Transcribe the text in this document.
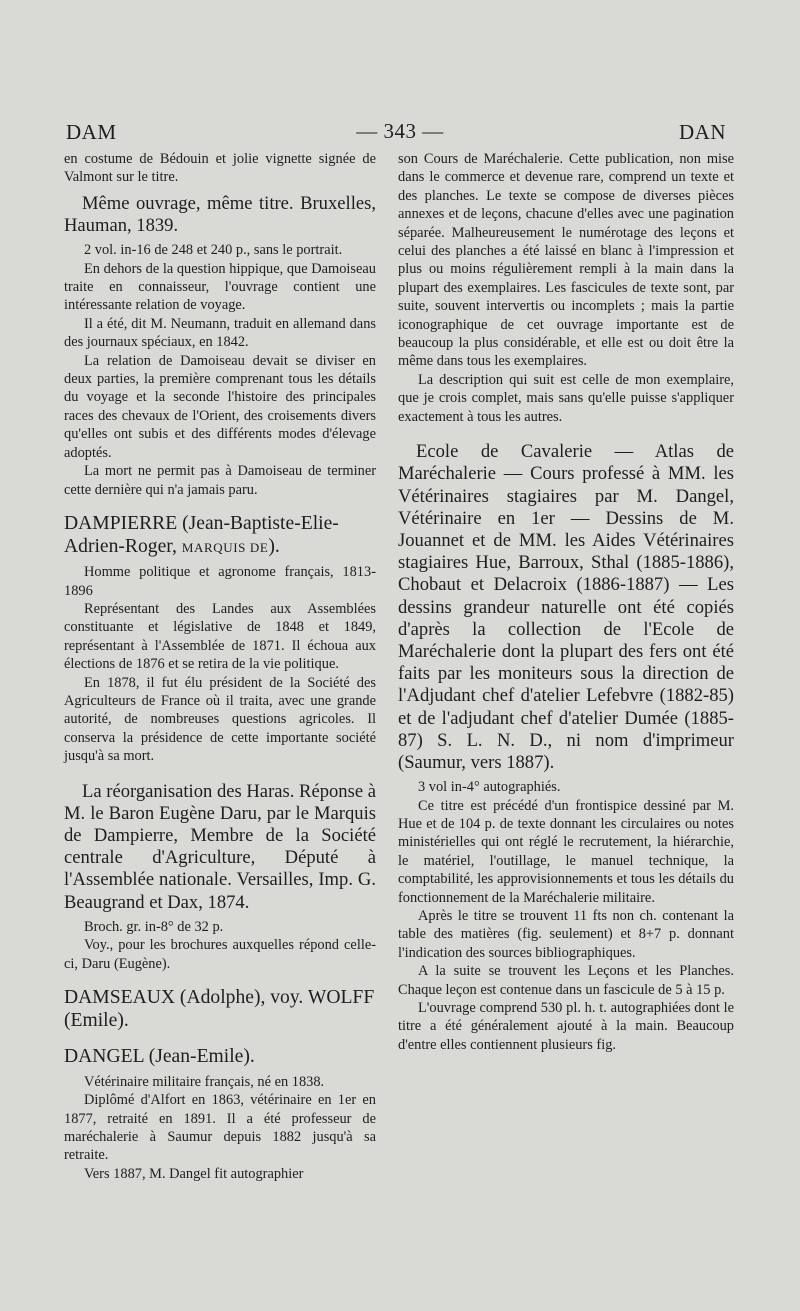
DAM	— 343 —	DAN

en costume de Bédouin et jolie vignette signée de Valmont sur le titre.

Même ouvrage, même titre. Bruxelles, Hauman, 1839.

2 vol. in-16 de 248 et 240 p., sans le portrait.

En dehors de la question hippique, que Damoiseau traite en connaisseur, l'ouvrage contient une intéressante relation de voyage.

Il a été, dit M. Neumann, traduit en allemand dans des journaux spéciaux, en 1842.

La relation de Damoiseau devait se diviser en deux parties, la première comprenant tous les détails du voyage et la seconde l'histoire des principales races des chevaux de l'Orient, des croisements divers qu'elles ont subis et des différents modes d'élevage adoptés.

La mort ne permit pas à Damoiseau de terminer cette dernière qui n'a jamais paru.

DAMPIERRE (Jean-Baptiste-Elie-Adrien-Roger, MARQUIS DE).

Homme politique et agronome français, 1813-1896

Représentant des Landes aux Assemblées constituante et législative de 1848 et 1849, représentant à l'Assemblée de 1871. Il échoua aux élections de 1876 et se retira de la vie politique.

En 1878, il fut élu président de la Société des Agriculteurs de France où il traita, avec une grande autorité, de nombreuses questions agricoles. Il conserva la présidence de cette importante société jusqu'à sa mort.

La réorganisation des Haras. Réponse à M. le Baron Eugène Daru, par le Marquis de Dampierre, Membre de la Société centrale d'Agriculture, Député à l'Assemblée nationale. Versailles, Imp. G. Beaugrand et Dax, 1874.

Broch. gr. in-8° de 32 p.

Voy., pour les brochures auxquelles répond celle-ci, Daru (Eugène).

DAMSEAUX (Adolphe), voy. WOLFF (Emile).
DANGEL (Jean-Emile).

Vétérinaire militaire français, né en 1838.

Diplômé d'Alfort en 1863, vétérinaire en 1er en 1877, retraité en 1891. Il a été professeur de maréchalerie à Saumur depuis 1882 jusqu'à sa retraite.

Vers 1887, M. Dangel fit autographier

son Cours de Maréchalerie. Cette publication, non mise dans le commerce et devenue rare, comprend un texte et des planches. Le texte se compose de diverses pièces annexes et de leçons, chacune d'elles avec une pagination séparée. Malheureusement le numérotage des leçons et celui des planches a été laissé en blanc à l'impression et plus ou moins régulièrement rempli à la main dans la plupart des exemplaires. Les fascicules de texte sont, par suite, souvent intervertis ou incomplets ; mais la partie iconographique de cet ouvrage importante est de beaucoup la plus considérable, et elle est ou doit être la même dans tous les exemplaires.

La description qui suit est celle de mon exemplaire, que je crois complet, mais sans qu'elle puisse s'appliquer exactement à tous les autres.

Ecole de Cavalerie — Atlas de Maréchalerie — Cours professé à MM. les Vétérinaires stagiaires par M. Dangel, Vétérinaire en 1er — Dessins de M. Jouannet et de MM. les Aides Vétérinaires stagiaires Hue, Barroux, Sthal (1885-1886), Chobaut et Delacroix (1886-1887) — Les dessins grandeur naturelle ont été copiés d'après la collection de l'Ecole de Maréchalerie dont la plupart des fers ont été faits par les moniteurs sous la direction de l'Adjudant chef d'atelier Lefebvre (1882-85) et de l'adjudant chef d'atelier Dumée (1885-87) S. L. N. D., ni nom d'imprimeur (Saumur, vers 1887).

3 vol in-4° autographiés.

Ce titre est précédé d'un frontispice dessiné par M. Hue et de 104 p. de texte donnant les circulaires ou notes ministérielles qui ont réglé le recrutement, la hiérarchie, le matériel, l'outillage, le manuel technique, la comptabilité, les approvisionnements et tous les détails du fonctionnement de la Maréchalerie militaire.

Après le titre se trouvent 11 fts non ch. contenant la table des matières (fig. seulement) et 8+7 p. donnant l'indication des sources bibliographiques.

A la suite se trouvent les Leçons et les Planches. Chaque leçon est contenue dans un fascicule de 5 à 15 p.

L'ouvrage comprend 530 pl. h. t. autographiées dont le titre a été généralement ajouté à la main. Beaucoup d'entre elles contiennent plusieurs fig.
